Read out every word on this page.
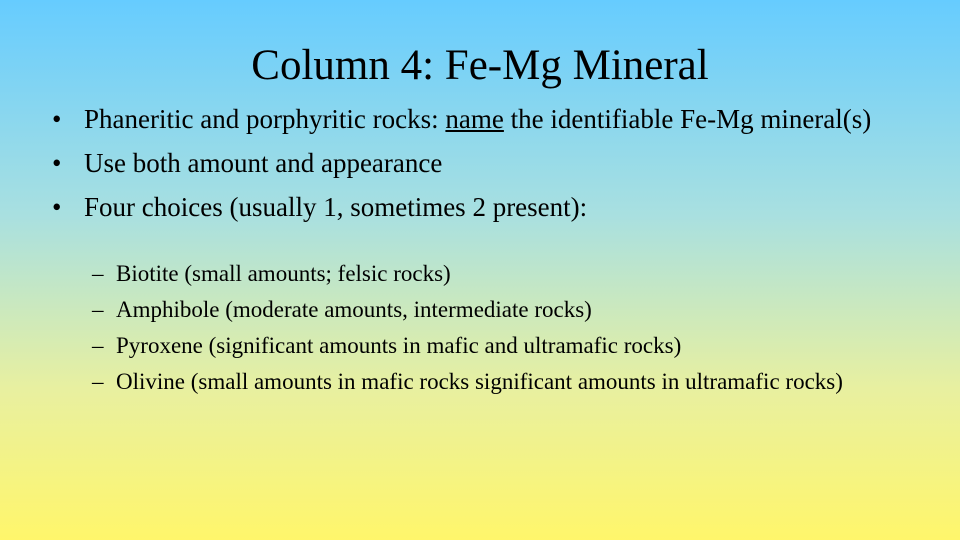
Column 4: Fe-Mg Mineral
• Phaneritic and porphyritic rocks: name the identifiable Fe-Mg mineral(s)
• Use both amount and appearance
• Four choices (usually 1, sometimes 2 present):
– Biotite (small amounts; felsic rocks)
– Amphibole (moderate amounts, intermediate rocks)
– Pyroxene (significant amounts in mafic and ultramafic rocks)
– Olivine (small amounts in mafic rocks significant amounts in ultramafic rocks)
